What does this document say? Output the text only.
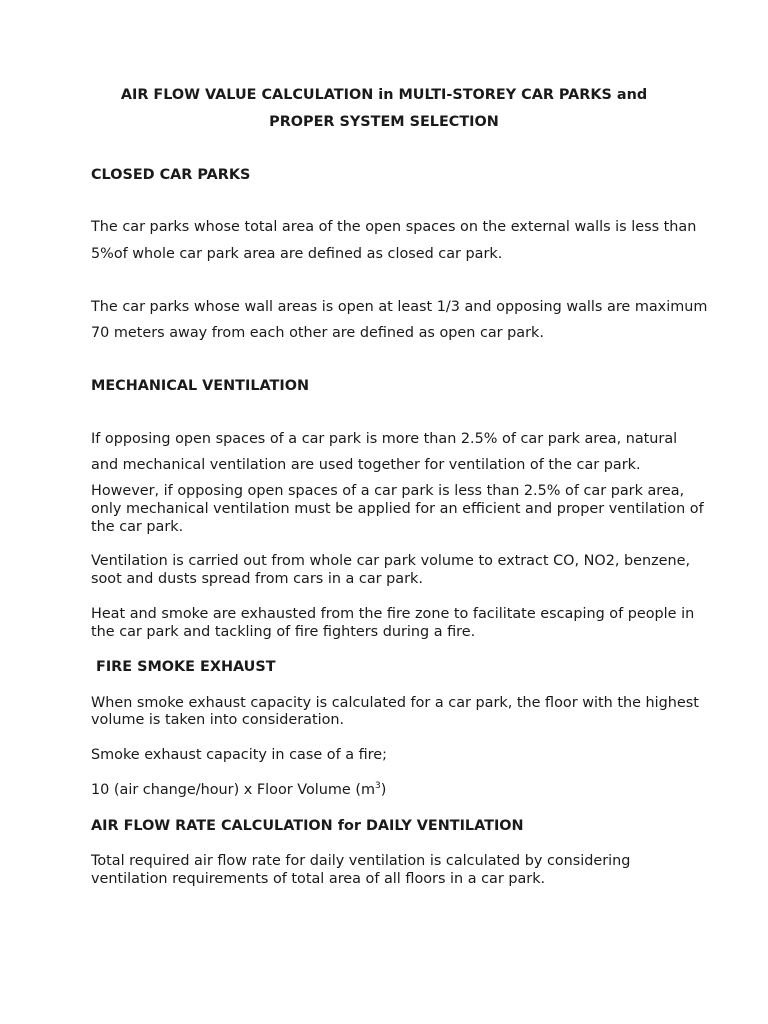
AIR FLOW VALUE CALCULATION in MULTI-STOREY CAR PARKS and

PROPER SYSTEM SELECTION

CLOSED CAR PARKS

The car parks whose total area of the open spaces on the external walls is less than

5%of whole car park area are defined as closed car park.

The car parks whose wall areas is open at least 1/3 and opposing walls are maximum

70 meters away from each other are defined as open car park.

MECHANICAL VENTILATION

If opposing open spaces of a car park is more than 2.5% of car park area, natural

and mechanical ventilation are used together for ventilation of the car park.

However, if opposing open spaces of a car park is less than 2.5% of car park area,

only mechanical ventilation must be applied for an efficient and proper ventilation of

the car park.

Ventilation is carried out from whole car park volume to extract CO, NO2, benzene,

soot and dusts spread from cars in a car park.

Heat and smoke are exhausted from the fire zone to facilitate escaping of people in

the car park and tackling of fire fighters during a fire.

FIRE SMOKE EXHAUST

When smoke exhaust capacity is calculated for a car park, the floor with the highest

volume is taken into consideration.

Smoke exhaust capacity in case of a fire;

10 (air change/hour) x Floor Volume $(m^3)$

AIR FLOW RATE CALCULATION for DAILY VENTILATION

Total required air flow rate for daily ventilation is calculated by considering

ventilation requirements of total area of all floors in a car park.
